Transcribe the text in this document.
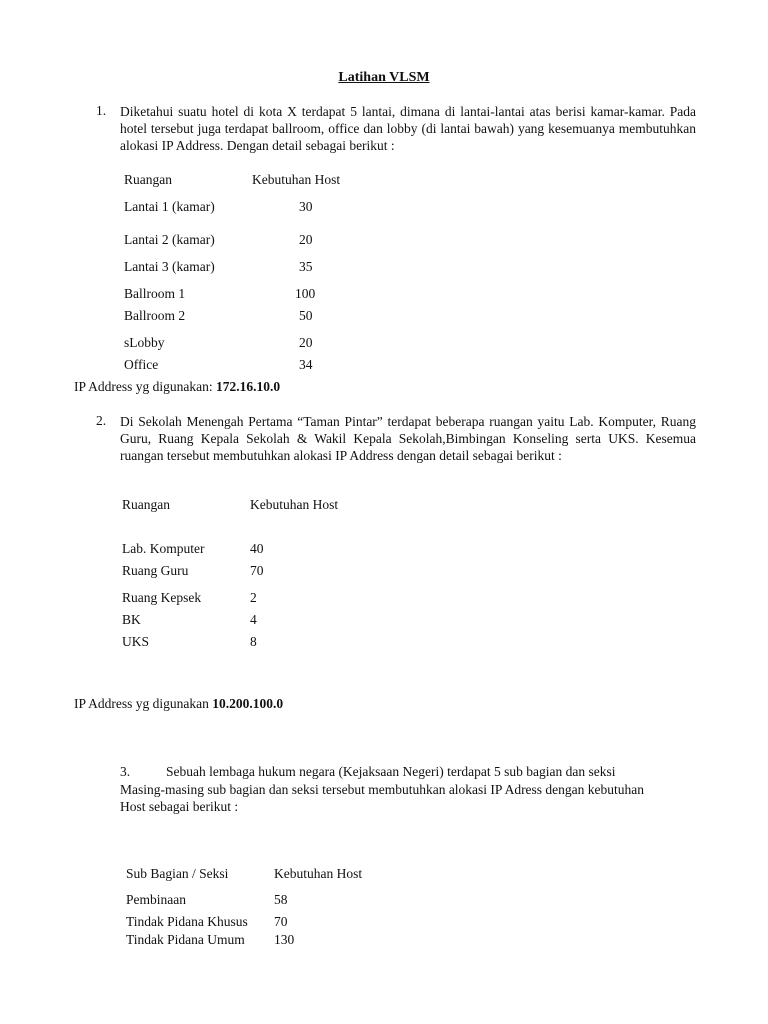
Latihan VLSM
1. Diketahui suatu hotel di kota X terdapat 5 lantai, dimana di lantai-lantai atas berisi kamar-kamar. Pada hotel tersebut juga terdapat ballroom, office dan lobby (di lantai bawah) yang kesemuanya membutuhkan alokasi IP Address. Dengan detail sebagai berikut :
Ruangan	Kebutuhan Host
Lantai 1 (kamar)	30
Lantai 2 (kamar)	20
Lantai 3 (kamar)	35
Ballroom 1	100
Ballroom 2	50
sLobby	20
Office	34
IP Address yg digunakan: 172.16.10.0
2. Di Sekolah Menengah Pertama “Taman Pintar” terdapat beberapa ruangan yaitu Lab. Komputer, Ruang Guru, Ruang Kepala Sekolah & Wakil Kepala Sekolah,Bimbingan Konseling serta UKS. Kesemua ruangan tersebut membutuhkan alokasi IP Address dengan detail sebagai berikut :
Ruangan	Kebutuhan Host
Lab. Komputer	40
Ruang Guru	70
Ruang Kepsek	2
BK	4
UKS	8
IP Address yg digunakan 10.200.100.0
3.	Sebuah lembaga hukum negara (Kejaksaan Negeri) terdapat 5 sub bagian dan seksi
Masing-masing sub bagian dan seksi tersebut membutuhkan alokasi IP Adress dengan kebutuhan Host sebagai berikut :
Sub Bagian / Seksi	Kebutuhan Host
Pembinaan	58
Tindak Pidana Khusus 70
Tindak Pidana Umum 130
